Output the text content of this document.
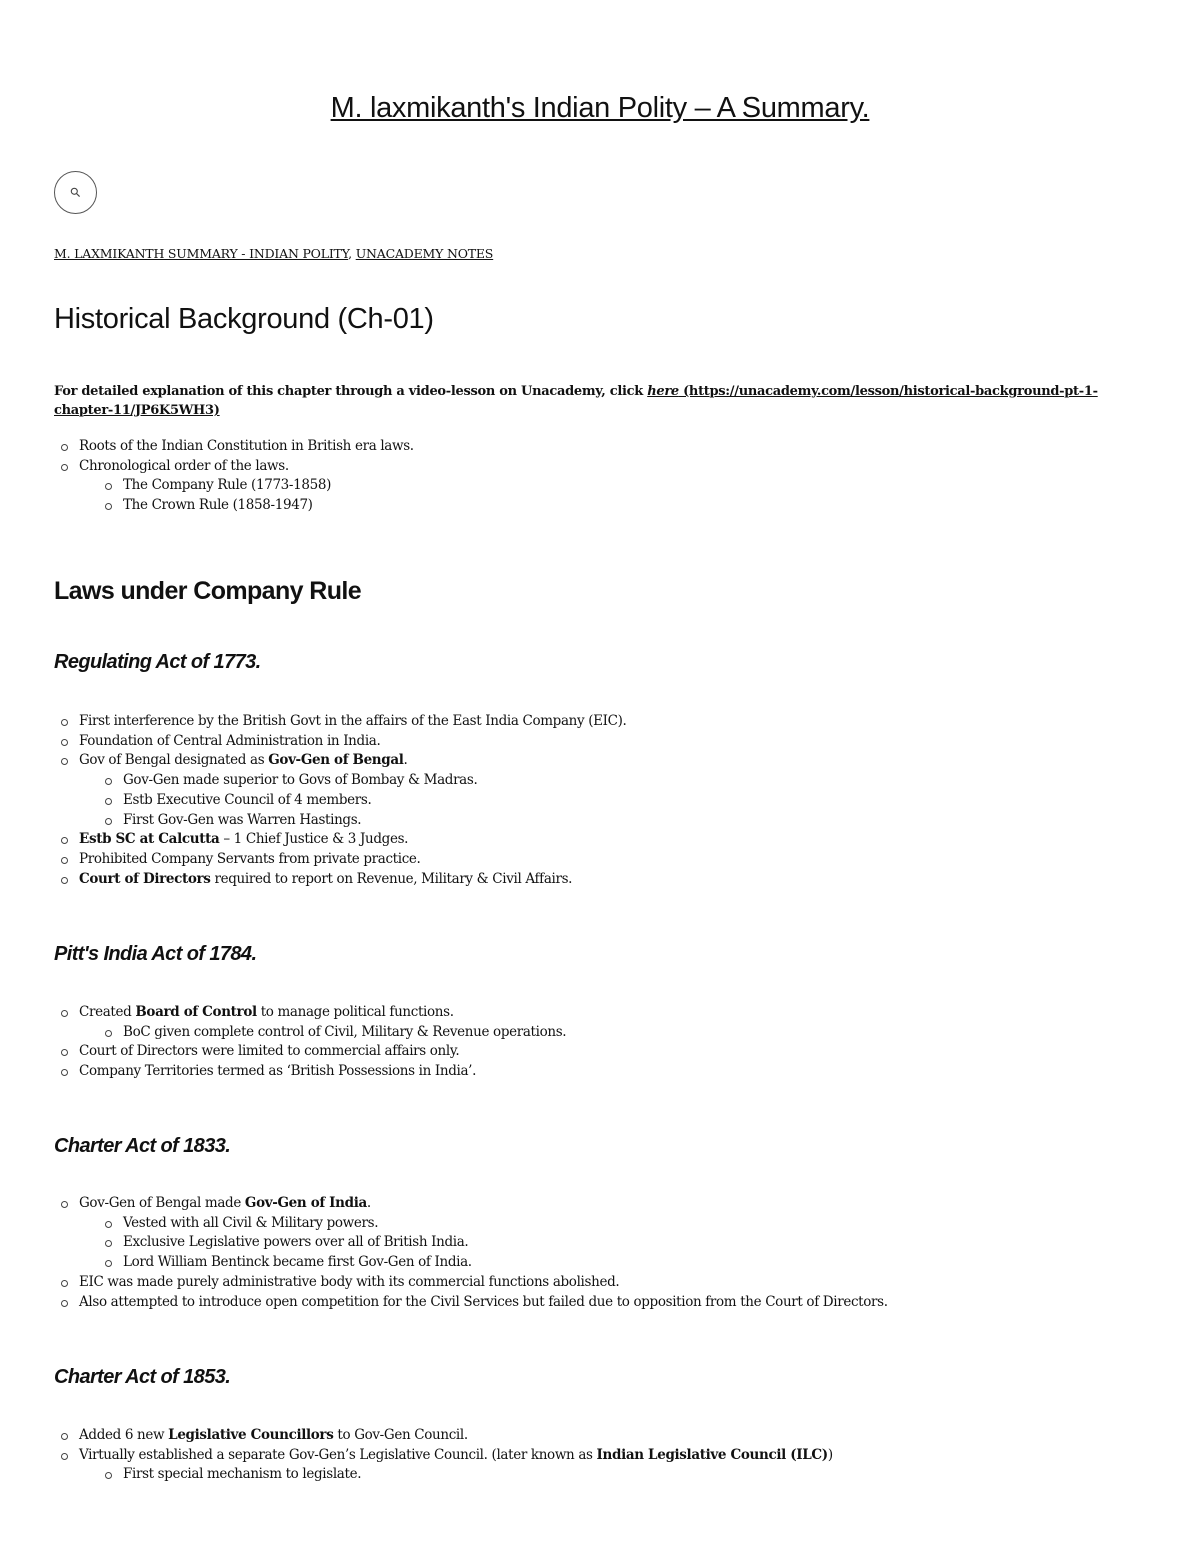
M. laxmikanth's Indian Polity – A Summary.

M. LAXMIKANTH SUMMARY - INDIAN POLITY, UNACADEMY NOTES

Historical Background (Ch-01)

For detailed explanation of this chapter through a video-lesson on Unacademy, click here (https://unacademy.com/lesson/historical-background-pt-1-chapter-11/JP6K5WH3)

Roots of the Indian Constitution in British era laws.
Chronological order of the laws.
The Company Rule (1773-1858)
The Crown Rule (1858-1947)
Laws under Company Rule
Regulating Act of 1773.
First interference by the British Govt in the affairs of the East India Company (EIC).
Foundation of Central Administration in India.
Gov of Bengal designated as Gov-Gen of Bengal.
Gov-Gen made superior to Govs of Bombay & Madras.
Estb Executive Council of 4 members.
First Gov-Gen was Warren Hastings.
Estb SC at Calcutta – 1 Chief Justice & 3 Judges.
Prohibited Company Servants from private practice.
Court of Directors required to report on Revenue, Military & Civil Affairs.
Pitt's India Act of 1784.
Created Board of Control to manage political functions.
BoC given complete control of Civil, Military & Revenue operations.
Court of Directors were limited to commercial affairs only.
Company Territories termed as ‘British Possessions in India’.
Charter Act of 1833.
Gov-Gen of Bengal made Gov-Gen of India.
Vested with all Civil & Military powers.
Exclusive Legislative powers over all of British India.
Lord William Bentinck became first Gov-Gen of India.
EIC was made purely administrative body with its commercial functions abolished.
Also attempted to introduce open competition for the Civil Services but failed due to opposition from the Court of Directors.
Charter Act of 1853.
Added 6 new Legislative Councillors to Gov-Gen Council.
Virtually established a separate Gov-Gen’s Legislative Council. (later known as Indian Legislative Council (ILC))
First special mechanism to legislate.
